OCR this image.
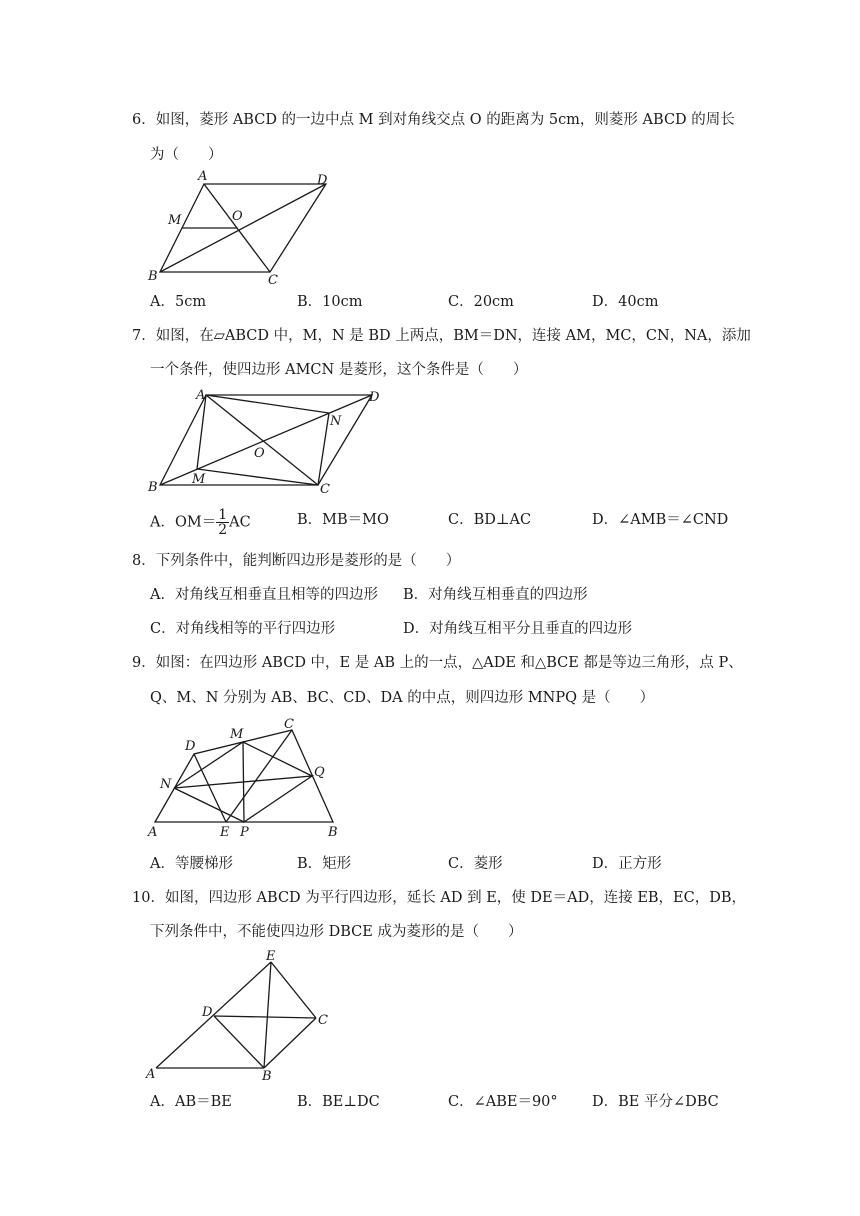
6．如图，菱形 ABCD 的一边中点 M 到对角线交点 O 的距离为 5cm，则菱形 ABCD 的周长
为（　　）
A	D
M	O
B	C
A．5cm	B．10cm	C．20cm	D．40cm
7．如图，在▱ABCD 中，M，N 是 BD 上两点，BM＝DN，连接 AM，MC，CN，NA，添加
一个条件，使四边形 AMCN 是菱形，这个条件是（　　）
A	D
N
O
B
M
C
A．$OM= \frac{1}{2}$ AC	B．MB＝MO	C．BD⊥AC	D．∠AMB＝∠CND
8．下列条件中，能判断四边形是菱形的是（　　）
A．对角线互相垂直且相等的四边形 B．对角线互相垂直的四边形
C．对角线相等的平行四边形	D．对角线互相平分且垂直的四边形
9．如图：在四边形 ABCD 中，E 是 AB 上的一点，△ADE 和△BCE 都是等边三角形，点 P、
Q、M、N 分别为 AB、BC、CD、DA 的中点，则四边形 MNPQ 是（　　）
D
M
C
N
Q
A	E P	B
A．等腰梯形	B．矩形	C．菱形	D．正方形
10．如图，四边形 ABCD 为平行四边形，延长 AD 到 E，使 DE＝AD，连接 EB，EC，DB，
下列条件中，不能使四边形 DBCE 成为菱形的是（　　）
E
D
C
A	B
A．AB＝BE	B．BE⊥DC	C．∠ABE＝90° D．BE 平分∠DBC
